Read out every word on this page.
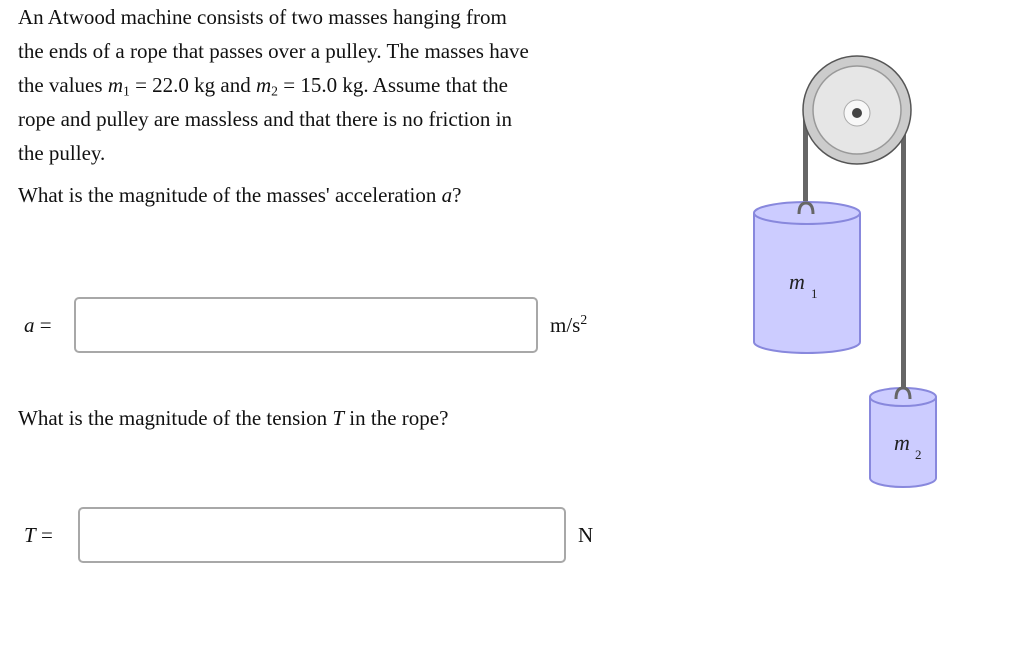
An Atwood machine consists of two masses hanging from

the ends of a rope that passes over a pulley. The masses have

the values $m_1 = 22.0$ kg and $m_2 = 15.0$ kg. Assume that the

rope and pulley are massless and that there is no friction in

the pulley.

What is the magnitude of the masses' acceleration a?
a =	$m/s^2$
What is the magnitude of the tension T in the rope?
T =	N
m 1
m 2
